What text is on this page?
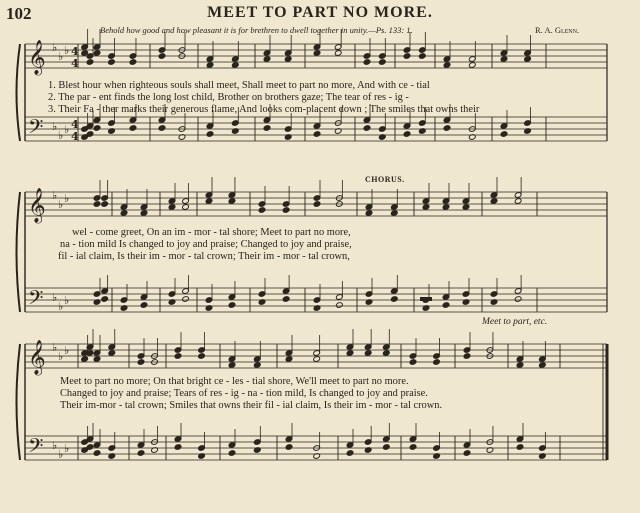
𝄞
𝄢
♭
♭ ♭
♭
♭ ♭
4
4
4
4
𝄞
𝄢
♭
♭ ♭
♭
♭ ♭
𝄞
𝄢
♭
♭ ♭
♭
♭ ♭
102	MEET TO PART NO MORE.
Behold how good and how pleasant it is for brethren to dwell together in unity.—Ps. 133: 1.	R. A. Glenn.
1. Blest hour when righteous souls shall meet, Shall meet to part no more, And with ce - tial
2. The par - ent finds the long lost child, Brother on brothers gaze; The tear of res - ig -
3. Their Fa - ther marks their generous flame, And looks com-placent down ; The smiles that owns their
CHORUS.
wel - come greet, On an im - mor - tal shore; Meet to part no more,
na - tion mild Is changed to joy and praise; Changed to joy and praise,
fil - ial claim, Is their im - mor - tal crown; Their im - mor - tal crown,
Meet to part, etc.
Meet to part no more; On that bright ce - les - tial shore, We'll meet to part no more.
Changed to joy and praise; Tears of res - ig - na - tion mild, Is changed to joy and praise.
Their im-mor - tal crown; Smiles that owns their fil - ial claim, Is their im - mor - tal crown.
